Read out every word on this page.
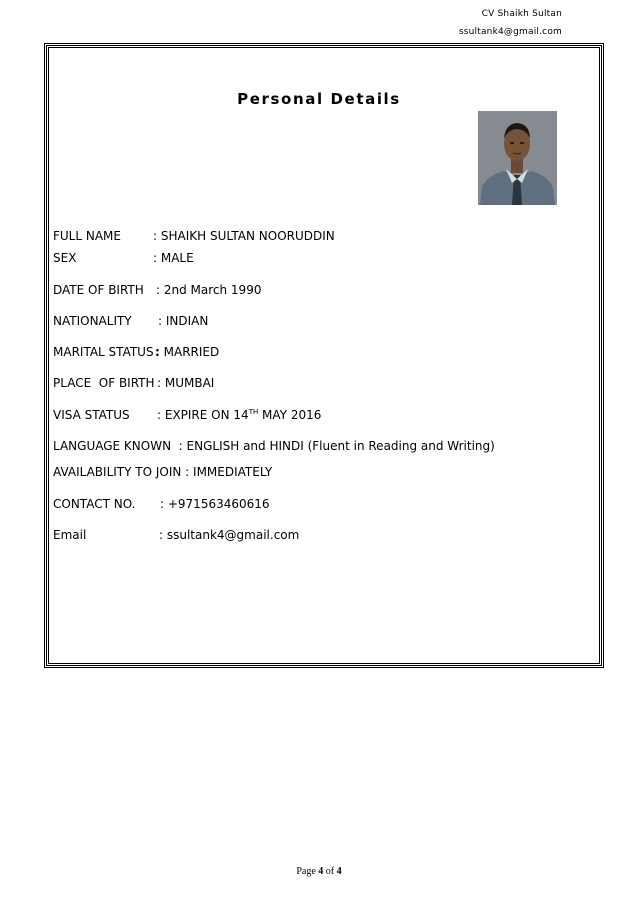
CV Shaikh Sultan
ssultank4@gmail.com
Personal Details
FULL NAME	: SHAIKH SULTAN NOORUDDIN
SEX	: MALE
DATE OF BIRTH : 2nd March 1990
NATIONALITY : INDIAN
MARITAL STATUS : MARRIED
PLACE  OF BIRTH : MUMBAI
VISA STATUS : EXPIRE ON 14TH MAY 2016
LANGUAGE KNOWN  : ENGLISH and HINDI (Fluent in Reading and Writing)
AVAILABILITY TO JOIN : IMMEDIATELY
CONTACT NO. : +971563460616
Email	: ssultank4@gmail.com
Page 4 of 4
